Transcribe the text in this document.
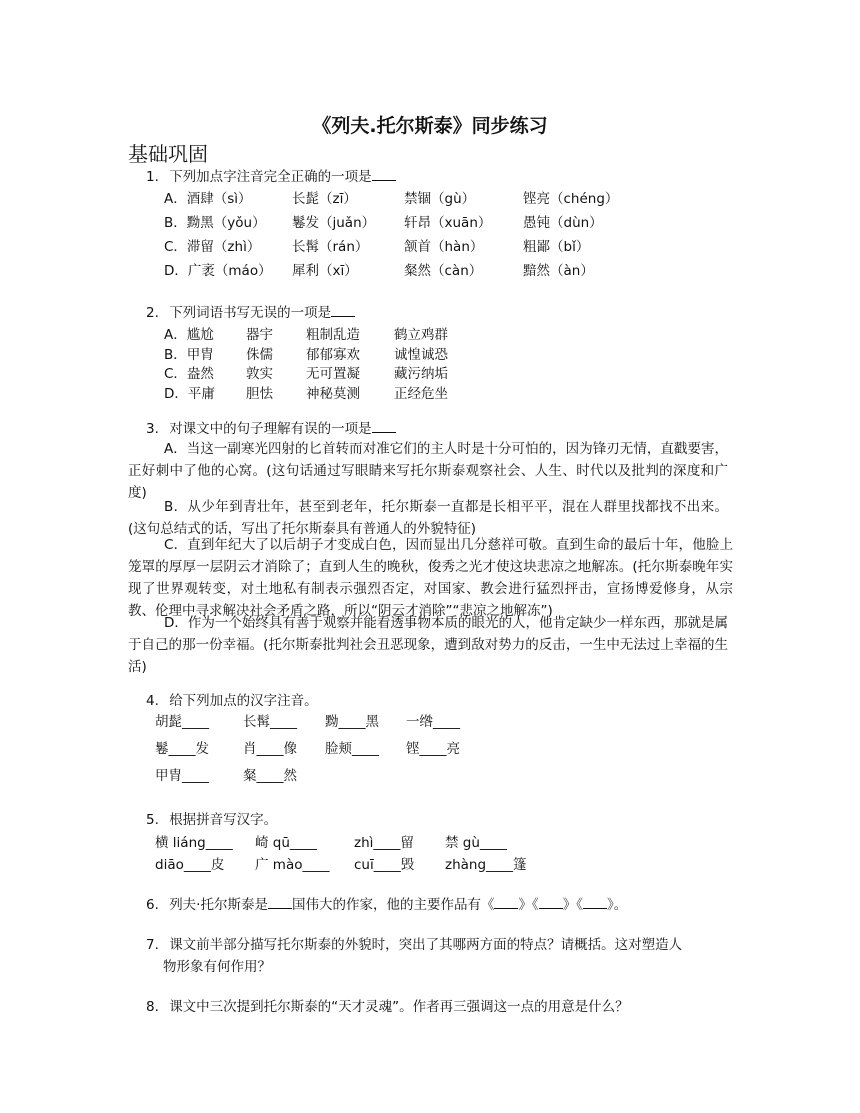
《列夫.托尔斯泰》同步练习
基础巩固
1. 下列加点字注音完全正确的一项是
A．酒肆（sì）	长髭（zī）	禁锢（gù）	铿亮（chéng）
B．黝黑（yǒu） 鬈发（juǎn） 轩昂（xuān） 愚钝（dùn）
C．滞留（zhì） 长髯（rán）	颔首（hàn）	粗鄙（bǐ）
D．广袤（máo） 犀利（xī）	粲然（càn）	黯然（àn）
2. 下列词语书写无误的一项是
A．尴尬 器宇 粗制乱造	鹤立鸡群
B．甲胄 侏儒 郁郁寡欢	诚惶诚恐
C．盎然 敦实 无可置凝	藏污纳垢
D．平庸 胆怯 神秘莫测	正经危坐
3. 对课文中的句子理解有误的一项是
A．当这一副寒光四射的匕首转而对准它们的主人时是十分可怕的，因为锋刃无情，直戳要害，正好刺中了他的心窝。(这句话通过写眼睛来写托尔斯泰观察社会、人生、时代以及批判的深度和广度)
B．从少年到青壮年，甚至到老年，托尔斯泰一直都是长相平平，混在人群里找都找不出来。(这句总结式的话，写出了托尔斯泰具有普通人的外貌特征)
C．直到年纪大了以后胡子才变成白色，因而显出几分慈祥可敬。直到生命的最后十年，他脸上笼罩的厚厚一层阴云才消除了；直到人生的晚秋，俊秀之光才使这块悲凉之地解冻。(托尔斯泰晚年实现了世界观转变，对土地私有制表示强烈否定，对国家、教会进行猛烈抨击，宣扬博爱修身，从宗教、伦理中寻求解决社会矛盾之路，所以“阴云才消除”“悲凉之地解冻”)
D．作为一个始终具有善于观察并能看透事物本质的眼光的人，他肯定缺少一样东西，那就是属于自己的那一份幸福。(托尔斯泰批判社会丑恶现象，遭到敌对势力的反击，一生中无法过上幸福的生活)
4. 给下列加点的汉字注音。
胡髭____	长髯____ 黝____黑 一绺____
鬈____发	肖____像 脸颊____ 铿____亮
甲胄____	粲____然
5. 根据拼音写汉字。
横 liáng____ 崎 qū____	zhì____留 禁 gù____
diāo____皮 广 mào____ cuī____毁 zhàng____篷
6. 列夫·托尔斯泰是 国伟大的作家，他的主要作品有《 》《 》《 》。
7. 课文前半部分描写托尔斯泰的外貌时，突出了其哪两方面的特点？请概括。这对塑造人
物形象有何作用？
8. 课文中三次提到托尔斯泰的“天才灵魂”。作者再三强调这一点的用意是什么？
